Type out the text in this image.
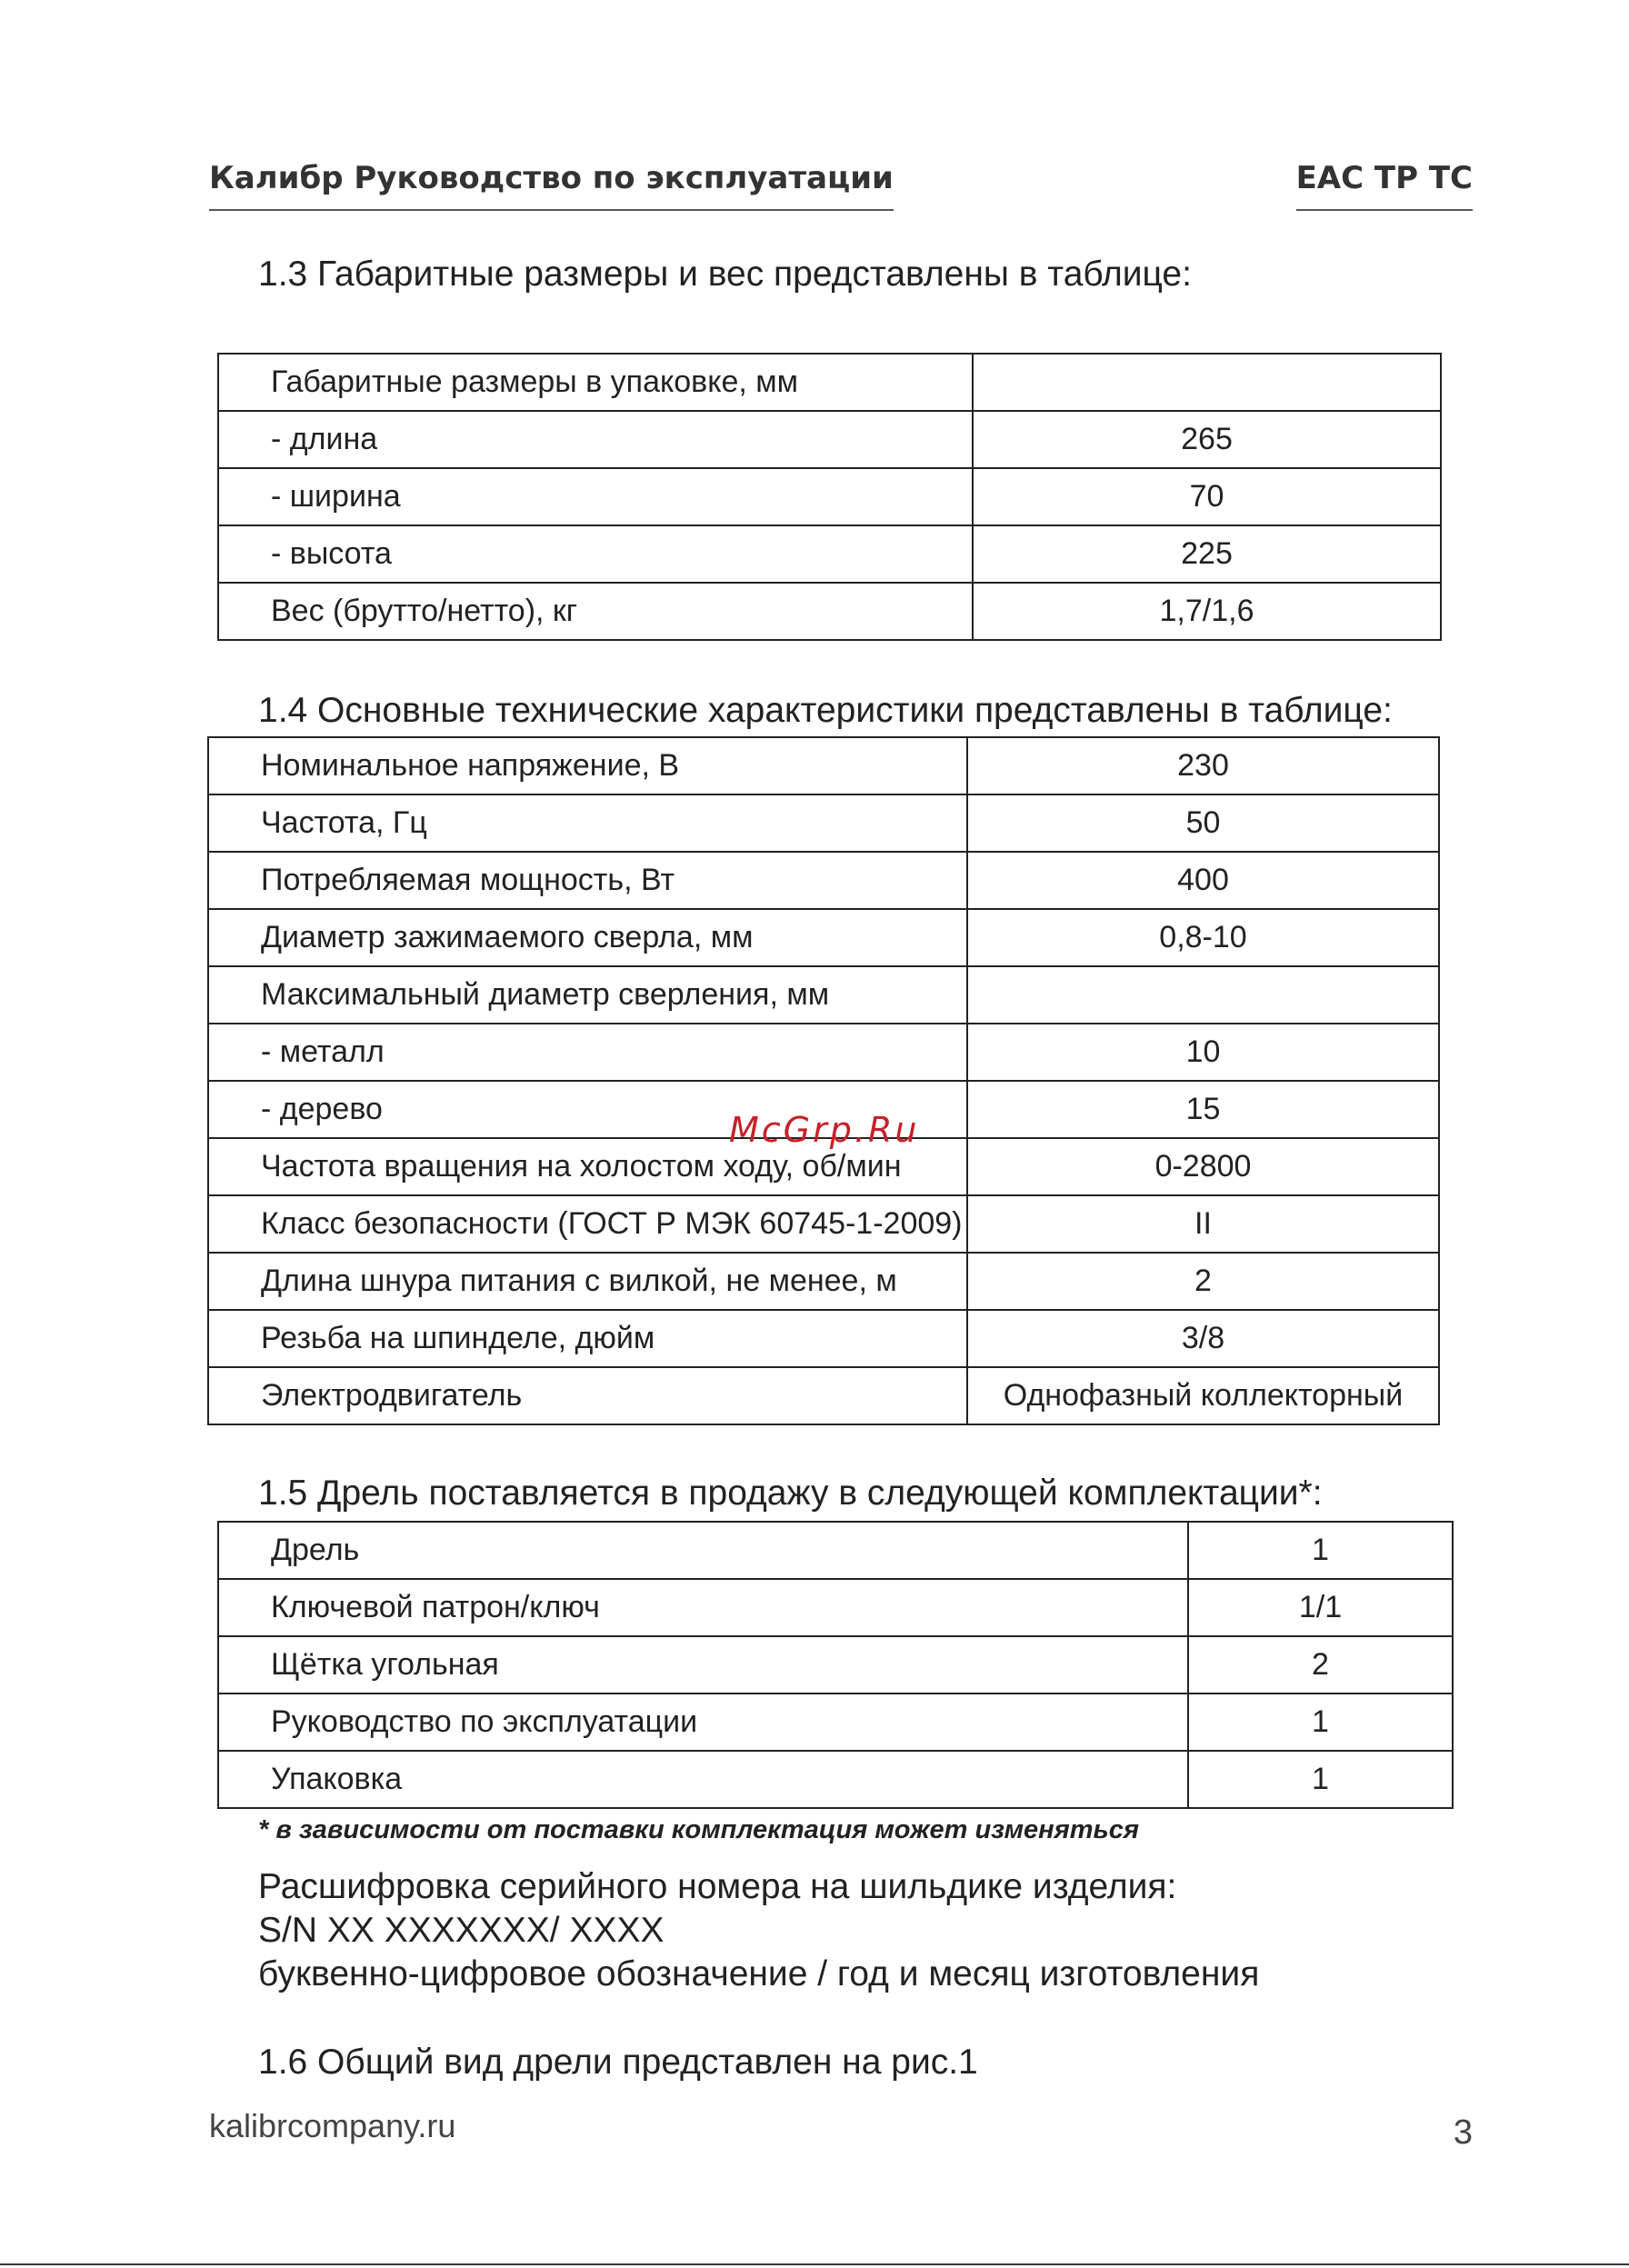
Калибр Руководство по эксплуатации	EAC TP TC
1.3 Габаритные размеры и вес представлены в таблице:
Габаритные размеры в упаковке, мм	
- длина	265
- ширина	70
- высота	225
Вес (брутто/нетто), кг	1,7/1,6
1.4 Основные технические характеристики представлены в таблице:
Номинальное напряжение, В	230
Частота, Гц	50
Потребляемая мощность, Вт	400
Диаметр зажимаемого сверла, мм	0,8-10
Максимальный диаметр сверления, мм	
- металл	10
- дерево	15
Частота вращения на холостом ходу, об/мин	0-2800
Класс безопасности (ГОСТ Р МЭК 60745-1-2009)	II
Длина шнура питания с вилкой, не менее, м	2
Резьба на шпинделе, дюйм	3/8
Электродвигатель	Однофазный коллекторный
McGrp.Ru
1.5 Дрель поставляется в продажу в следующей комплектации*:
Дрель	1
Ключевой патрон/ключ	1/1
Щётка угольная	2
Руководство по эксплуатации	1
Упаковка	1
* в зависимости от поставки комплектация может изменяться
Расшифровка серийного номера на шильдике изделия:
S/N XX XXXXXXX/ XXXX
буквенно-цифровое обозначение / год и месяц изготовления
1.6 Общий вид дрели представлен на рис.1
kalibrcompany.ru	3
